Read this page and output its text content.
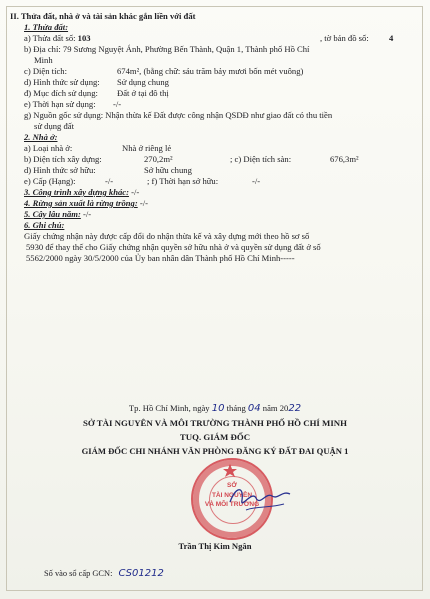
II. Thửa đất, nhà ở và tài sản khác gắn liền với đất
1. Thửa đất:
a) Thửa đất số: 103	, tờ bản đồ số: 4
b) Địa chỉ: 79 Sương Nguyệt Ánh, Phường Bến Thành, Quận 1, Thành phố Hồ Chí
Minh
c) Diện tích:	674m², (bằng chữ: sáu trăm bảy mươi bốn mét vuông)
d) Hình thức sử dụng: Sử dụng chung
đ) Mục đích sử dụng: Đất ở tại đô thị
e) Thời hạn sử dụng: -/-
g) Nguồn gốc sử dụng: Nhận thừa kế Đất được công nhận QSDĐ như giao đất có thu tiền
sử dụng đất
2. Nhà ở:
a) Loại nhà ở:	Nhà ở riêng lẻ
b) Diện tích xây dựng:	270,2m²	; c) Diện tích sàn:	676,3m²
d) Hình thức sở hữu:	Sở hữu chung
e) Cấp (Hạng):	-/-	; f) Thời hạn sở hữu:	-/-
3. Công trình xây dựng khác: -/-
4. Rừng sản xuất là rừng trồng: -/-
5. Cây lâu năm: -/-
6. Ghi chú:
Giấy chứng nhận này được cấp đổi do nhận thừa kế và xây dựng mới theo hồ sơ số
5930 để thay thế cho Giấy chứng nhận quyền sở hữu nhà ở và quyền sử dụng đất ở số
5562/2000 ngày 30/5/2000 của Ủy ban nhân dân Thành phố Hồ Chí Minh-----
Tp. Hồ Chí Minh, ngày 10 tháng 04 năm 2022
SỞ TÀI NGUYÊN VÀ MÔI TRƯỜNG THÀNH PHỐ HỒ CHÍ MINH
TUQ. GIÁM ĐỐC
GIÁM ĐỐC CHI NHÁNH VĂN PHÒNG ĐĂNG KÝ ĐẤT ĐAI QUẬN 1
SỞ
TÀI NGUYÊN
VÀ MÔI TRƯỜNG
Trần Thị Kim Ngân
Số vào sổ cấp GCN: CS01212
